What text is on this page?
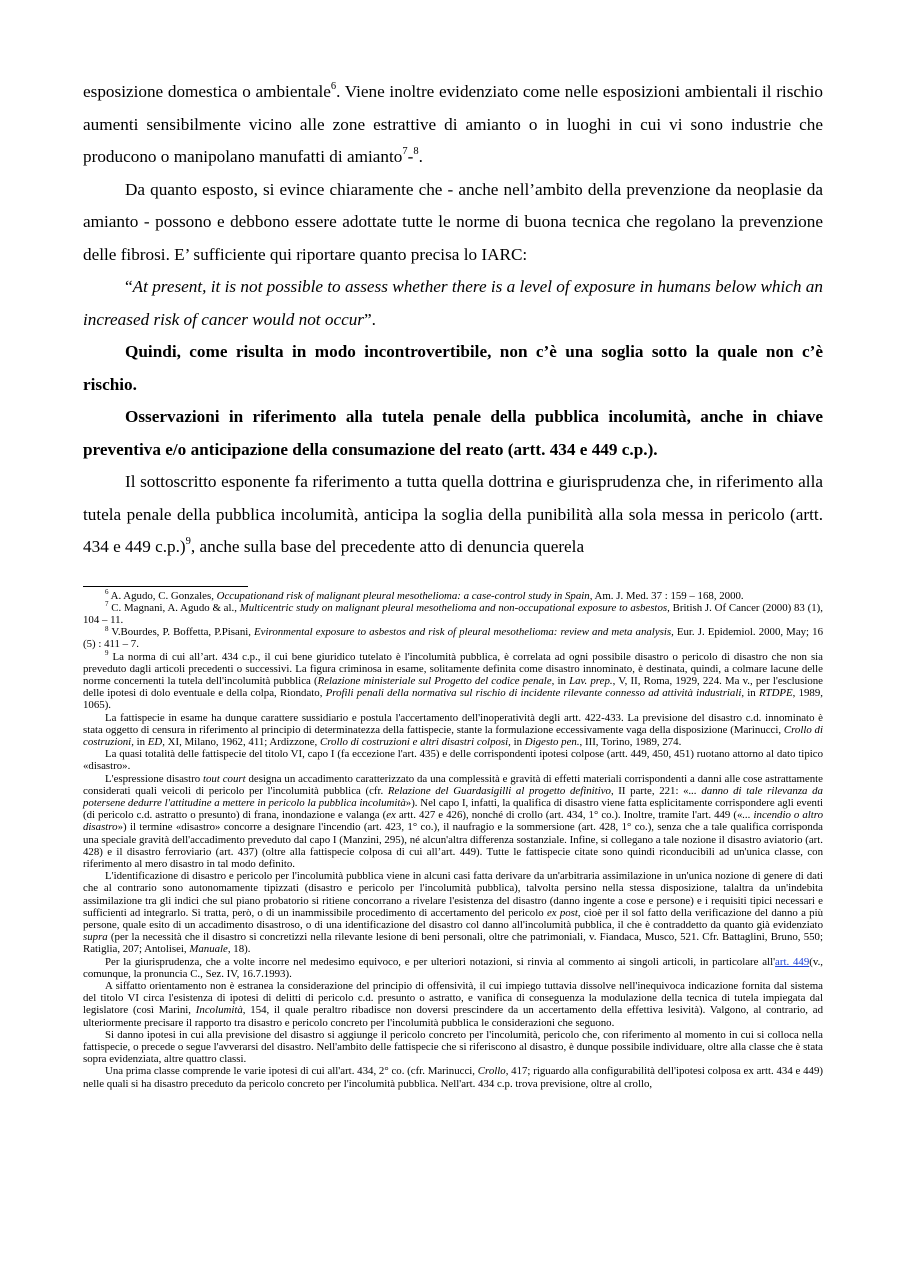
esposizione domestica o ambientale$^6$. Viene inoltre evidenziato come nelle esposizioni ambientali il rischio aumenti sensibilmente vicino alle zone estrattive di amianto o in luoghi in cui vi sono industrie che producono o manipolano manufatti di amianto$^7$-$^8$.

Da quanto esposto, si evince chiaramente che - anche nell’ambito della prevenzione da neoplasie da amianto - possono e debbono essere adottate tutte le norme di buona tecnica che regolano la prevenzione delle fibrosi. E’ sufficiente qui riportare quanto precisa lo IARC:

“At present, it is not possible to assess whether there is a level of exposure in humans below which an increased risk of cancer would not occur”.

Quindi, come risulta in modo incontrovertibile, non c’è una soglia sotto la quale non c’è rischio.

Osservazioni in riferimento alla tutela penale della pubblica incolumità, anche in chiave preventiva e/o anticipazione della consumazione del reato (artt. 434 e 449 c.p.).

Il sottoscritto esponente fa riferimento a tutta quella dottrina e giurisprudenza che, in riferimento alla tutela penale della pubblica incolumità, anticipa la soglia della punibilità alla sola messa in pericolo (artt. 434 e 449 c.p.)$^9$, anche sulla base del precedente atto di denuncia querela

$^6$ A. Agudo, C. Gonzales, Occupationand risk of malignant pleural mesothelioma: a case-control study in Spain, Am. J. Med. 37 : 159 – 168, 2000.

$^7$ C. Magnani, A. Agudo & al., Multicentric study on malignant pleural mesothelioma and non-occupational exposure to asbestos, British J. Of Cancer (2000) 83 (1), 104 – 11.

$^8$ V.Bourdes, P. Boffetta, P.Pisani, Evironmental exposure to asbestos and risk of pleural mesothelioma: review and meta analysis, Eur. J. Epidemiol. 2000, May; 16 (5) : 411 – 7.

$^9$ La norma di cui all’art. 434 c.p., il cui bene giuridico tutelato è l'incolumità pubblica, è correlata ad ogni possibile disastro o pericolo di disastro che non sia preveduto dagli articoli precedenti o successivi. La figura criminosa in esame, solitamente definita come disastro innominato, è destinata, quindi, a colmare lacune delle norme concernenti la tutela dell'incolumità pubblica (Relazione ministeriale sul Progetto del codice penale, in Lav. prep., V, II, Roma, 1929, 224. Ma v., per l'esclusione delle ipotesi di dolo eventuale e della colpa, Riondato, Profili penali della normativa sul rischio di incidente rilevante connesso ad attività industriali, in RTDPE, 1989, 1065).

La fattispecie in esame ha dunque carattere sussidiario e postula l'accertamento dell'inoperatività degli artt. 422-433. La previsione del disastro c.d. innominato è stata oggetto di censura in riferimento al principio di determinatezza della fattispecie, stante la formulazione eccessivamente vaga della disposizione (Marinucci, Crollo di costruzioni, in ED, XI, Milano, 1962, 411; Ardizzone, Crollo di costruzioni e altri disastri colposi, in Digesto pen., III, Torino, 1989, 274.

La quasi totalità delle fattispecie del titolo VI, capo I (fa eccezione l'art. 435) e delle corrispondenti ipotesi colpose (artt. 449, 450, 451) ruotano attorno al dato tipico «disastro».

L'espressione disastro tout court designa un accadimento caratterizzato da una complessità e gravità di effetti materiali corrispondenti a danni alle cose astrattamente considerati quali veicoli di pericolo per l'incolumità pubblica (cfr. Relazione del Guardasigilli al progetto definitivo, II parte, 221: «... danno di tale rilevanza da potersene dedurre l'attitudine a mettere in pericolo la pubblica incolumità»). Nel capo I, infatti, la qualifica di disastro viene fatta esplicitamente corrispondere agli eventi (di pericolo c.d. astratto o presunto) di frana, inondazione e valanga (ex artt. 427 e 426), nonché di crollo (art. 434, 1° co.). Inoltre, tramite l'art. 449 («... incendio o altro disastro») il termine «disastro» concorre a designare l'incendio (art. 423, 1° co.), il naufragio e la sommersione (art. 428, 1° co.), senza che a tale qualifica corrisponda una speciale gravità dell'accadimento preveduto dal capo I (Manzini, 295), né alcun'altra differenza sostanziale. Infine, si collegano a tale nozione il disastro aviatorio (art. 428) e il disastro ferroviario (art. 437) (oltre alla fattispecie colposa di cui all’art. 449). Tutte le fattispecie citate sono quindi riconducibili ad un'unica classe, con riferimento al mero disastro in tal modo definito.

L'identificazione di disastro e pericolo per l'incolumità pubblica viene in alcuni casi fatta derivare da un'arbitraria assimilazione in un'unica nozione di genere di dati che al contrario sono autonomamente tipizzati (disastro e pericolo per l'incolumità pubblica), talvolta persino nella stessa disposizione, talaltra da un'indebita assimilazione tra gli indici che sul piano probatorio si ritiene concorrano a rivelare l'esistenza del disastro (danno ingente a cose e persone) e i requisiti tipici necessari e sufficienti ad integrarlo. Si tratta, però, o di un inammissibile procedimento di accertamento del pericolo ex post, cioè per il sol fatto della verificazione del danno a più persone, quale esito di un accadimento disastroso, o di una identificazione del disastro col danno all'incolumità pubblica, il che è contraddetto da quanto già evidenziato supra (per la necessità che il disastro si concretizzi nella rilevante lesione di beni personali, oltre che patrimoniali, v. Fiandaca, Musco, 521. Cfr. Battaglini, Bruno, 550; Ratiglia, 207; Antolisei, Manuale, 18).

Per la giurisprudenza, che a volte incorre nel medesimo equivoco, e per ulteriori notazioni, si rinvia al commento ai singoli articoli, in particolare all'art. 449(v., comunque, la pronuncia C., Sez. IV, 16.7.1993).

A siffatto orientamento non è estranea la considerazione del principio di offensività, il cui impiego tuttavia dissolve nell'inequivoca indicazione fornita dal sistema del titolo VI circa l'esistenza di ipotesi di delitti di pericolo c.d. presunto o astratto, e vanifica di conseguenza la modulazione della tecnica di tutela impiegata dal legislatore (così Marini, Incolumità, 154, il quale peraltro ribadisce non doversi prescindere da un accertamento della effettiva lesività). Valgono, al contrario, ad ulteriormente precisare il rapporto tra disastro e pericolo concreto per l'incolumità pubblica le considerazioni che seguono.

Si danno ipotesi in cui alla previsione del disastro si aggiunge il pericolo concreto per l'incolumità, pericolo che, con riferimento al momento in cui si colloca nella fattispecie, o precede o segue l'avverarsi del disastro. Nell'ambito delle fattispecie che si riferiscono al disastro, è dunque possibile individuare, oltre alla classe che è stata sopra evidenziata, altre quattro classi.

Una prima classe comprende le varie ipotesi di cui all'art. 434, 2° co. (cfr. Marinucci, Crollo, 417; riguardo alla configurabilità dell'ipotesi colposa ex artt. 434 e 449) nelle quali si ha disastro preceduto da pericolo concreto per l'incolumità pubblica. Nell'art. 434 c.p. trova previsione, oltre al crollo,
